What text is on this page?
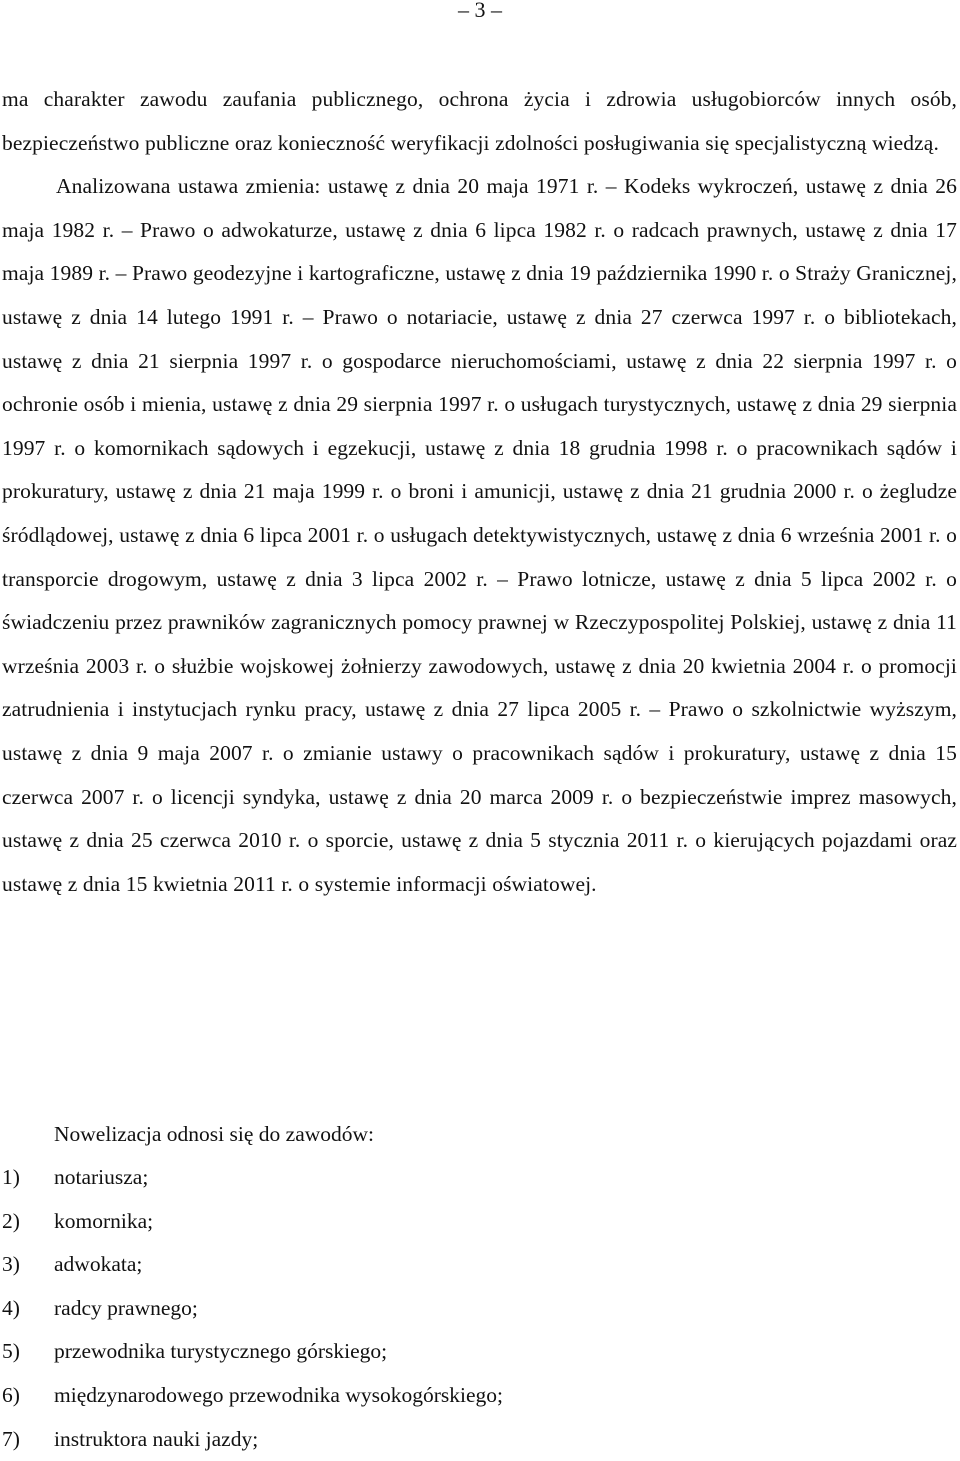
– 3 –

ma charakter zawodu zaufania publicznego, ochrona życia i zdrowia usługobiorców innych osób, bezpieczeństwo publiczne oraz konieczność weryfikacji zdolności posługiwania się specjalistyczną wiedzą.

Analizowana ustawa zmienia: ustawę z dnia 20 maja 1971 r. – Kodeks wykroczeń, ustawę z dnia 26 maja 1982 r. – Prawo o adwokaturze, ustawę z dnia 6 lipca 1982 r. o radcach prawnych, ustawę z dnia 17 maja 1989 r. – Prawo geodezyjne i kartograficzne, ustawę z dnia 19 października 1990 r. o Straży Granicznej, ustawę z dnia 14 lutego 1991 r. – Prawo o notariacie, ustawę z dnia 27 czerwca 1997 r. o bibliotekach, ustawę z dnia 21 sierpnia 1997 r. o gospodarce nieruchomościami, ustawę z dnia 22 sierpnia 1997 r. o ochronie osób i mienia, ustawę z dnia 29 sierpnia 1997 r. o usługach turystycznych, ustawę z dnia 29 sierpnia 1997 r. o komornikach sądowych i egzekucji, ustawę z dnia 18 grudnia 1998 r. o pracownikach sądów i prokuratury, ustawę z dnia 21 maja 1999 r. o broni i amunicji, ustawę z dnia 21 grudnia 2000 r. o żegludze śródlądowej, ustawę z dnia 6 lipca 2001 r. o usługach detektywistycznych, ustawę z dnia 6 września 2001 r. o transporcie drogowym, ustawę z dnia 3 lipca 2002 r. – Prawo lotnicze, ustawę z dnia 5 lipca 2002 r. o świadczeniu przez prawników zagranicznych pomocy prawnej w Rzeczypospolitej Polskiej, ustawę z dnia 11 września 2003 r. o służbie wojskowej żołnierzy zawodowych, ustawę z dnia 20 kwietnia 2004 r. o promocji zatrudnienia i instytucjach rynku pracy, ustawę z dnia 27 lipca 2005 r. – Prawo o szkolnictwie wyższym, ustawę z dnia 9 maja 2007 r. o zmianie ustawy o pracownikach sądów i prokuratury, ustawę z dnia 15 czerwca 2007 r. o licencji syndyka, ustawę z dnia 20 marca 2009 r. o bezpieczeństwie imprez masowych, ustawę z dnia 25 czerwca 2010 r. o sporcie, ustawę z dnia 5 stycznia 2011 r. o kierujących pojazdami oraz ustawę z dnia 15 kwietnia 2011 r. o systemie informacji oświatowej.

Nowelizacja odnosi się do zawodów:

1)	notariusza;
2)	komornika;
3)	adwokata;
4)	radcy prawnego;
5)	przewodnika turystycznego górskiego;
6)	międzynarodowego przewodnika wysokogórskiego;
7)	instruktora nauki jazdy;
